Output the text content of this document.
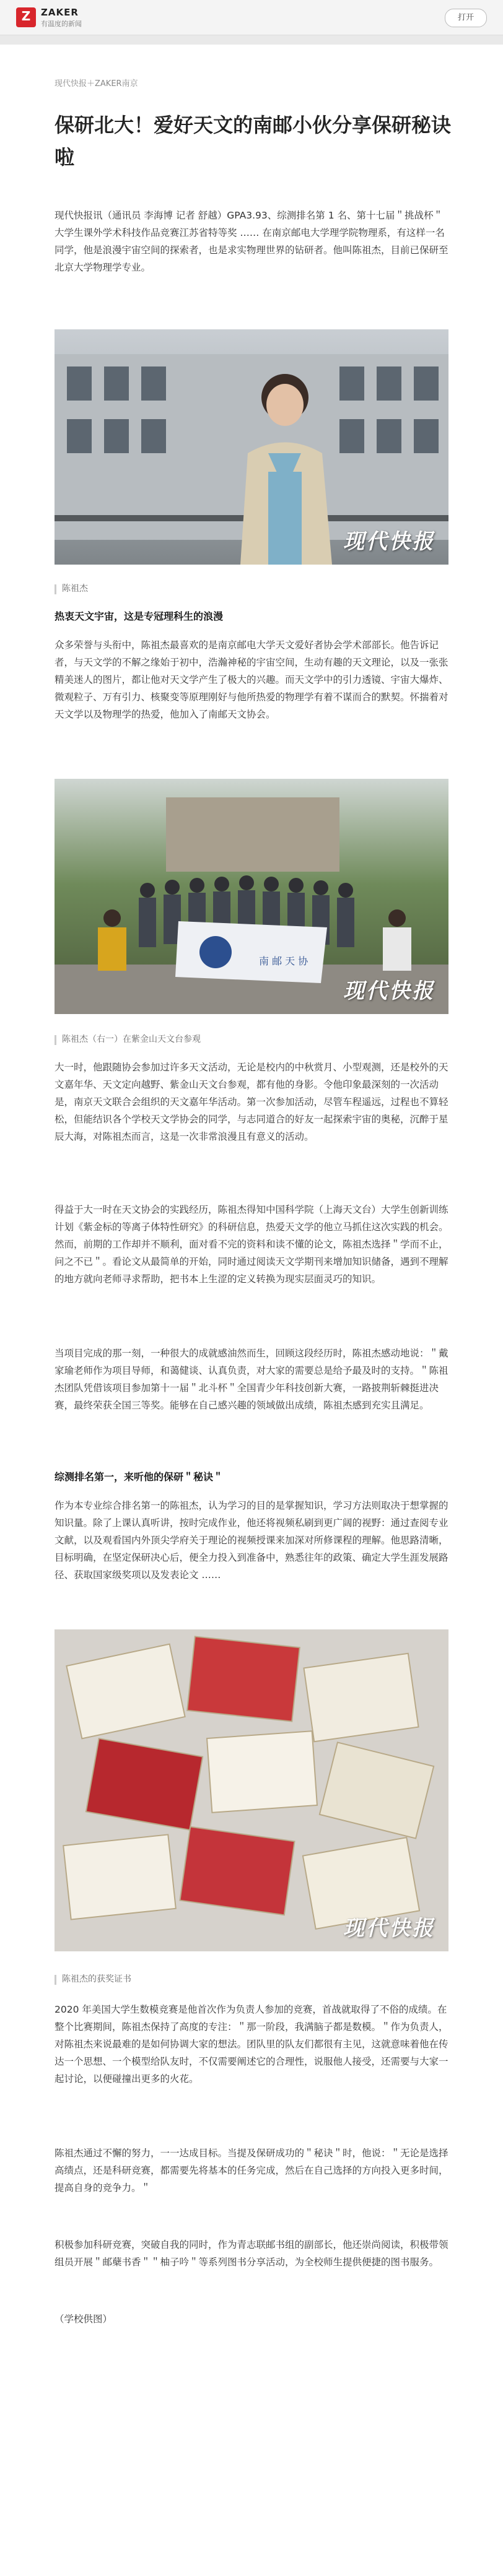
Z ZAKER
有温度的新闻
打开
现代快报＋ZAKER南京
保研北大！爱好天文的南邮小伙分享保研秘诀啦
现代快报讯（通讯员 李海博 记者 舒越）GPA3.93、综测排名第 1 名、第十七届＂挑战杯＂大学生课外学术科技作品竞赛江苏省特等奖 …… 在南京邮电大学理学院物理系，有这样一名同学，他是浪漫宇宙空间的探索者，也是求实物理世界的钻研者。他叫陈祖杰，目前已保研至北京大学物理学专业。
现代快报
陈祖杰
热衷天文宇宙，这是专冠理科生的浪漫
众多荣誉与头衔中，陈祖杰最喜欢的是南京邮电大学天文爱好者协会学术部部长。他告诉记者，与天文学的不解之缘始于初中，浩瀚神秘的宇宙空间，生动有趣的天文理论，以及一张张精美迷人的图片，都让他对天文学产生了极大的兴趣。而天文学中的引力透镜、宇宙大爆炸、微观粒子、万有引力、核聚变等原理刚好与他所热爱的物理学有着不谋而合的默契。怀揣着对天文学以及物理学的热爱，他加入了南邮天文协会。
南 邮 天 协
现代快报
陈祖杰（右一）在紫金山天文台参观
大一时，他跟随协会参加过许多天文活动，无论是校内的中秋赏月、小型观测，还是校外的天文嘉年华、天文定向越野、紫金山天文台参观，都有他的身影。令他印象最深刻的一次活动是，南京天文联合会组织的天文嘉年华活动。第一次参加活动，尽管车程遥远，过程也不算轻松，但能结识各个学校天文学协会的同学，与志同道合的好友一起探索宇宙的奥秘，沉醉于星辰大海，对陈祖杰而言，这是一次非常浪漫且有意义的活动。
得益于大一时在天文协会的实践经历，陈祖杰得知中国科学院（上海天文台）大学生创新训练计划《紫金标的等离子体特性研究》的科研信息，热爱天文学的他立马抓住这次实践的机会。然而，前期的工作却并不顺利，面对看不完的资料和读不懂的论文，陈祖杰选择＂学而不止，问之不已＂。看论文从最简单的开始，同时通过阅读天文学期刊来增加知识储备，遇到不理解的地方就向老师寻求帮助，把书本上生涩的定义转换为现实层面灵巧的知识。
当项目完成的那一刻，一种很大的成就感油然而生，回顾这段经历时，陈祖杰感动地说：＂戴家瑜老师作为项目导师，和蔼健谈、认真负责，对大家的需要总是给予最及时的支持。＂陈祖杰团队凭借该项目参加第十一届＂北斗杯＂全国青少年科技创新大赛，一路披荆斩棘挺进决赛，最终荣获全国三等奖。能够在自己感兴趣的领域做出成绩，陈祖杰感到充实且满足。
综测排名第一，来听他的保研＂秘诀＂
作为本专业综合排名第一的陈祖杰，认为学习的目的是掌握知识，学习方法则取决于想掌握的知识量。除了上课认真听讲，按时完成作业，他还将视频私刷到更广阔的视野：通过查阅专业文献，以及观看国内外顶尖学府关于理论的视频授课来加深对所修课程的理解。他思路清晰，目标明确，在坚定保研决心后，便全力投入到准备中，熟悉往年的政策、确定大学生涯发展路径、获取国家级奖项以及发表论文 ……
现代快报
陈祖杰的获奖证书
2020 年美国大学生数模竞赛是他首次作为负责人参加的竞赛，首战就取得了不俗的成绩。在整个比赛期间，陈祖杰保持了高度的专注：＂那一阶段，我满脑子都是数模。＂作为负责人，对陈祖杰来说最难的是如何协调大家的想法。团队里的队友们都很有主见，这就意味着他在传达一个思想、一个模型给队友时，不仅需要阐述它的合理性，说服他人接受，还需要与大家一起讨论，以便碰撞出更多的火花。
陈祖杰通过不懈的努力，一一达成目标。当提及保研成功的＂秘诀＂时，他说：＂无论是选择高绩点，还是科研竞赛，都需要先将基本的任务完成，然后在自己选择的方向投入更多时间，提高自身的竞争力。＂
积极参加科研竞赛，突破自我的同时，作为青志联邮书组的副部长，他还崇尚阅读，积极带领组员开展＂邮蘖书香＂＂柚子吟＂等系列图书分享活动，为全校师生提供便捷的图书服务。
（学校供图）
